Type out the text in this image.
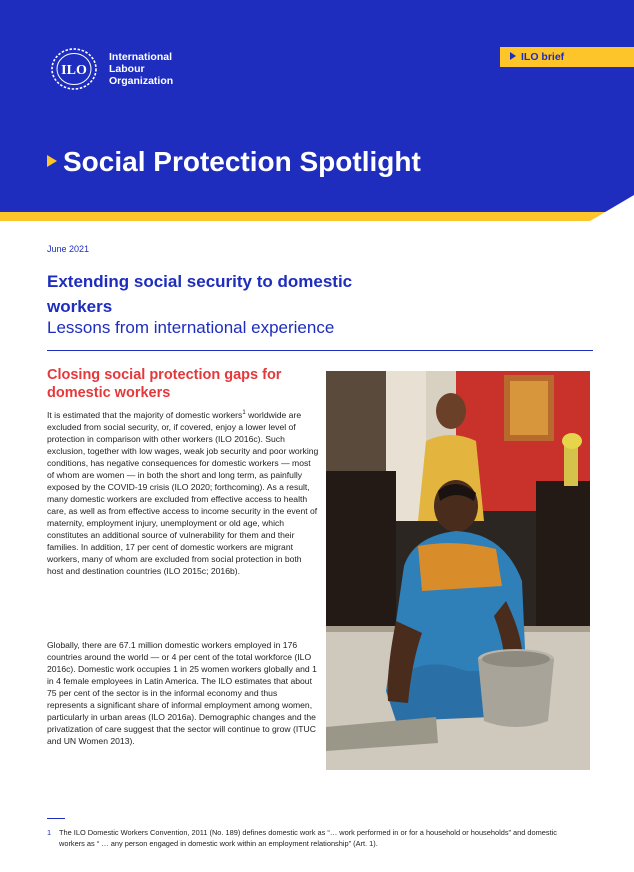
ILO
International
Labour
Organization
ILO brief
Social Protection Spotlight
June 2021
Extending social security to domestic workers
Lessons from international experience
Closing social protection gaps for domestic workers
It is estimated that the majority of domestic workers$^1$ worldwide are excluded from social security, or, if covered, enjoy a lower level of protection in comparison with other workers (ILO 2016c). Such exclusion, together with low wages, weak job security and poor working conditions, has negative consequences for domestic workers — most of whom are women — in both the short and long term, as painfully exposed by the COVID-19 crisis (ILO 2020; forthcoming). As a result, many domestic workers are excluded from effective access to health care, as well as from effective access to income security in the event of maternity, employment injury, unemployment or old age, which constitutes an additional source of vulnerability for them and their families. In addition, 17 per cent of domestic workers are migrant workers, many of whom are excluded from social protection in both host and destination countries (ILO 2015c; 2016b).
Globally, there are 67.1 million domestic workers employed in 176 countries around the world — or 4 per cent of the total workforce (ILO 2016c). Domestic work occupies 1 in 25 women workers globally and 1 in 4 female employees in Latin America. The ILO estimates that about 75 per cent of the sector is in the informal economy and thus represents a significant share of informal employment among women, particularly in urban areas (ILO 2016a). Demographic changes and the privatization of care suggest that the sector will continue to grow (ITUC and UN Women 2013).
1 The ILO Domestic Workers Convention, 2011 (No. 189) defines domestic work as “… work performed in or for a household or households” and domestic workers as “ … any person engaged in domestic work within an employment relationship” (Art. 1).
